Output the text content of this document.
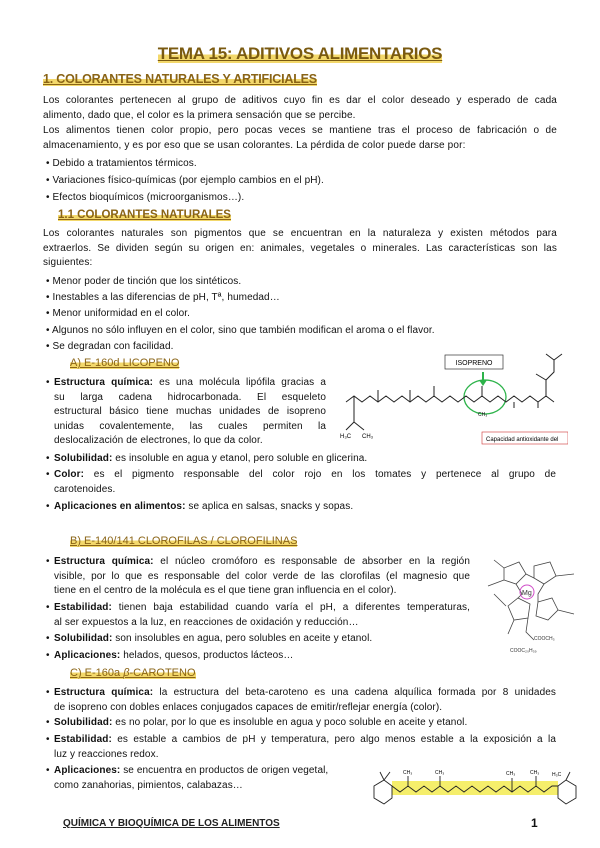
TEMA 15: ADITIVOS ALIMENTARIOS
1. COLORANTES NATURALES Y ARTIFICIALES
Los colorantes pertenecen al grupo de aditivos cuyo fin es dar el color deseado y esperado de cada
alimento, dado que, el color es la primera sensación que se percibe.
Los alimentos tienen color propio, pero pocas veces se mantiene tras el proceso de fabricación o de
almacenamiento, y es por eso que se usan colorantes. La pérdida de color puede darse por:
• Debido a tratamientos térmicos.
• Variaciones físico-químicas (por ejemplo cambios en el pH).
• Efectos bioquímicos (microorganismos…).
1.1 COLORANTES NATURALES
Los colorantes naturales son pigmentos que se encuentran en la naturaleza y existen métodos para
extraerlos. Se dividen según su origen en: animales, vegetales o minerales. Las características son las
siguientes:
• Menor poder de tinción que los sintéticos.
• Inestables a las diferencias de pH, Tª, humedad…
• Menor uniformidad en el color.
• Algunos no sólo influyen en el color, sino que también modifican el aroma o el flavor.
• Se degradan con facilidad.
A) E-160d LICOPENO
• Estructura química: es una molécula lipófila gracias a
su larga cadena hidrocarbonada. El esqueleto
estructural básico tiene muchas unidades de isopreno
unidas covalentemente, las cuales permiten la
deslocalización de electrones, lo que da color.
ISOPRENO
H₃C CH₃
CH₃
Capacidad antioxidante del
• Solubilidad: es insoluble en agua y etanol, pero soluble en glicerina.
• Color: es el pigmento responsable del color rojo en los tomates y pertenece al grupo de
carotenoides.
• Aplicaciones en alimentos: se aplica en salsas, snacks y sopas.
B) E-140/141 CLOROFILAS / CLOROFILINAS
• Estructura química: el núcleo cromóforo es responsable de absorber en la región
visible, por lo que es responsable del color verde de las clorofilas (el magnesio que
tiene en el centro de la molécula es el que tiene gran influencia en el color).
• Estabilidad: tienen baja estabilidad cuando varía el pH, a diferentes temperaturas,
al ser expuestos a la luz, en reacciones de oxidación y reducción…
• Solubilidad: son insolubles en agua, pero solubles en aceite y etanol.
• Aplicaciones: helados, quesos, productos lácteos…
Mg
COOCH₃
COOC₂₀H₃₉
C) E-160a β-CAROTENO
• Estructura química: la estructura del beta-caroteno es una cadena alquílica formada por 8 unidades
de isopreno con dobles enlaces conjugados capaces de emitir/reflejar energía (color).
• Solubilidad: es no polar, por lo que es insoluble en agua y poco soluble en aceite y etanol.
• Estabilidad: es estable a cambios de pH y temperatura, pero algo menos estable a la exposición a la
luz y reacciones redox.
• Aplicaciones: se encuentra en productos de origen vegetal,
como zanahorias, pimientos, calabazas…
CH₃	CH₃	CH₃	CH₃	H₃C
QUÍMICA Y BIOQUÍMICA DE LOS ALIMENTOS	1
